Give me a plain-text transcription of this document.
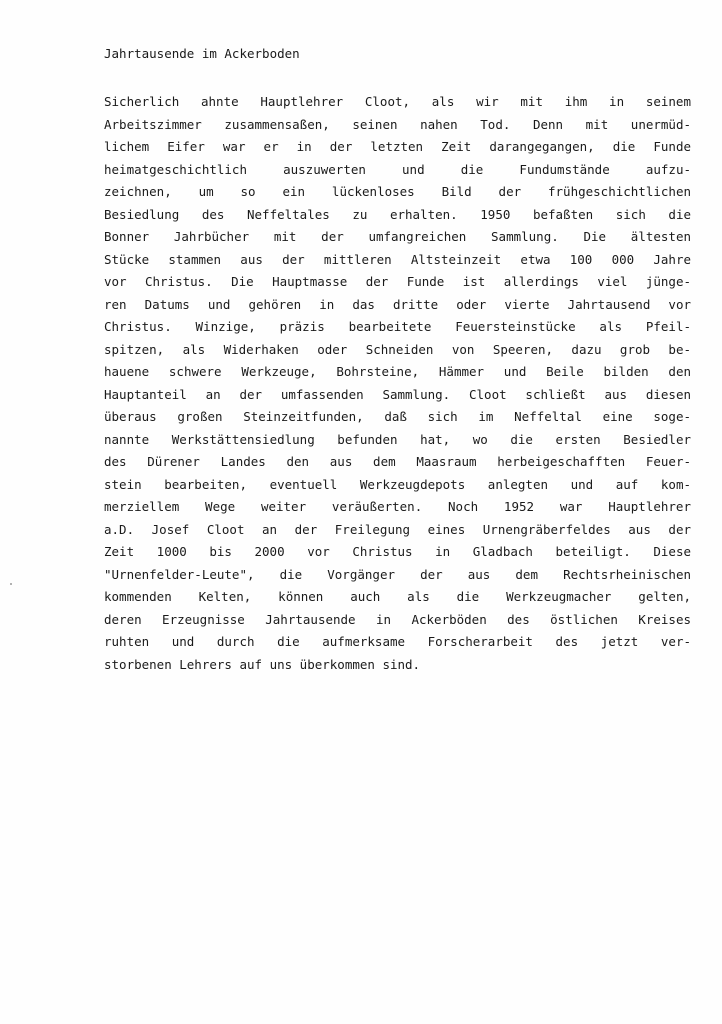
Jahrtausende im Ackerboden
Sicherlich ahnte Hauptlehrer Cloot, als wir mit ihm in seinem
Arbeitszimmer zusammensaßen, seinen nahen Tod. Denn mit unermüd-
lichem Eifer war er in der letzten Zeit darangegangen, die Funde
heimatgeschichtlich auszuwerten und die Fundumstände aufzu-
zeichnen, um so ein lückenloses Bild der frühgeschichtlichen
Besiedlung des Neffeltales zu erhalten. 1950 befaßten sich die
Bonner Jahrbücher mit der umfangreichen Sammlung. Die ältesten
Stücke stammen aus der mittleren Altsteinzeit etwa 100 000 Jahre
vor Christus. Die Hauptmasse der Funde ist allerdings viel jünge-
ren Datums und gehören in das dritte oder vierte Jahrtausend vor
Christus. Winzige, präzis bearbeitete Feuersteinstücke als Pfeil-
spitzen, als Widerhaken oder Schneiden von Speeren, dazu grob be-
hauene schwere Werkzeuge, Bohrsteine, Hämmer und Beile bilden den
Hauptanteil an der umfassenden Sammlung. Cloot schließt aus diesen
überaus großen Steinzeitfunden, daß sich im Neffeltal eine soge-
nannte Werkstättensiedlung befunden hat, wo die ersten Besiedler
des Dürener Landes den aus dem Maasraum herbeigeschafften Feuer-
stein bearbeiten, eventuell Werkzeugdepots anlegten und auf kom-
merziellem Wege weiter veräußerten. Noch 1952 war Hauptlehrer
a.D. Josef Cloot an der Freilegung eines Urnengräberfeldes aus der
Zeit 1000 bis 2000 vor Christus in Gladbach beteiligt. Diese
"Urnenfelder-Leute", die Vorgänger der aus dem Rechtsrheinischen
kommenden Kelten, können auch als die Werkzeugmacher gelten,
deren Erzeugnisse Jahrtausende in Ackerböden des östlichen Kreises
ruhten und durch die aufmerksame Forscherarbeit des jetzt ver-
storbenen Lehrers auf uns überkommen sind.
